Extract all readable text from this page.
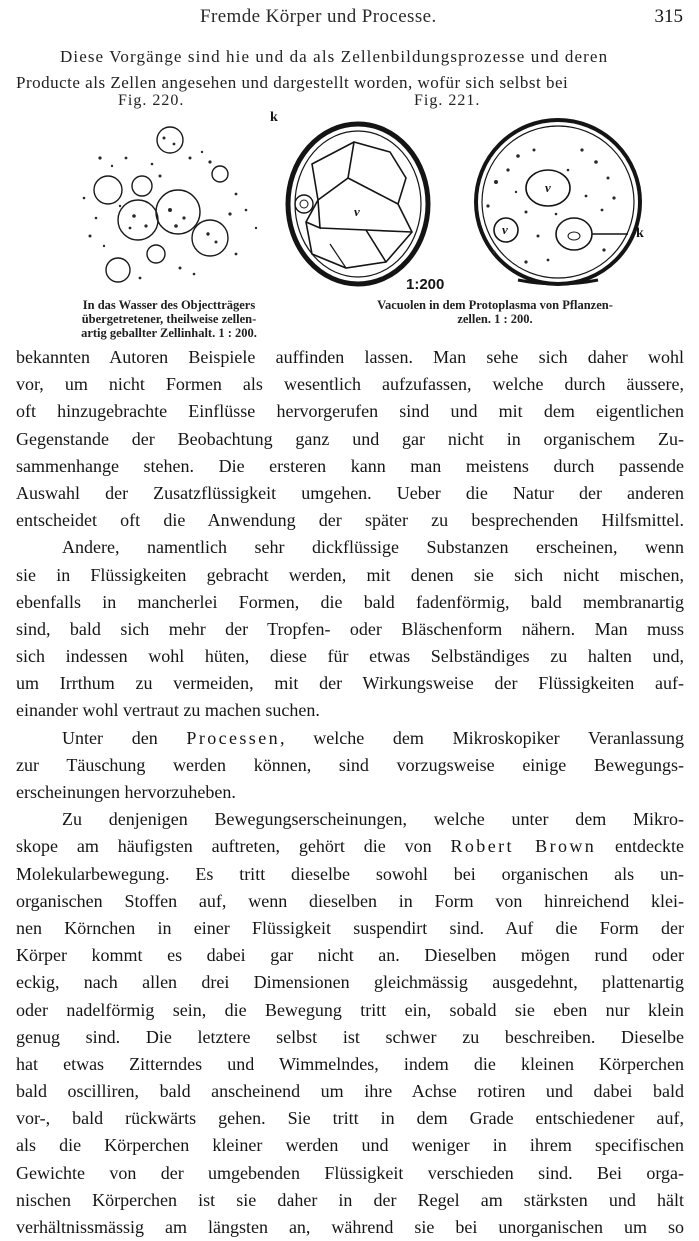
Fremde Körper und Processe.	315
Diese Vorgänge sind hie und da als Zellenbildungsprozesse und deren
Producte als Zellen angesehen und dargestellt worden, wofür sich selbst bei
Fig. 220.
In das Wasser des Objectträgers
übergetretener, theilweise zellen-
artig geballter Zellinhalt. 1 : 200.
Fig. 221.
k
v
v
v	k
1:200
Vacuolen in dem Protoplasma von Pflanzen-
zellen. 1 : 200.
bekannten Autoren Beispiele auffinden lassen. Man sehe sich daher wohl
vor, um nicht Formen als wesentlich aufzufassen, welche durch äussere,
oft hinzugebrachte Einflüsse hervorgerufen sind und mit dem eigentlichen
Gegenstande der Beobachtung ganz und gar nicht in organischem Zu-
sammenhange stehen. Die ersteren kann man meistens durch passende
Auswahl der Zusatzflüssigkeit umgehen. Ueber die Natur der anderen
entscheidet oft die Anwendung der später zu besprechenden Hilfsmittel.
Andere, namentlich sehr dickflüssige Substanzen erscheinen, wenn
sie in Flüssigkeiten gebracht werden, mit denen sie sich nicht mischen,
ebenfalls in mancherlei Formen, die bald fadenförmig, bald membranartig
sind, bald sich mehr der Tropfen- oder Bläschenform nähern. Man muss
sich indessen wohl hüten, diese für etwas Selbständiges zu halten und,
um Irrthum zu vermeiden, mit der Wirkungsweise der Flüssigkeiten auf-
einander wohl vertraut zu machen suchen.
Unter den Processen, welche dem Mikroskopiker Veranlassung
zur Täuschung werden können, sind vorzugsweise einige Bewegungs-
erscheinungen hervorzuheben.
Zu denjenigen Bewegungserscheinungen, welche unter dem Mikro-
skope am häufigsten auftreten, gehört die von Robert Brown entdeckte
Molekularbewegung. Es tritt dieselbe sowohl bei organischen als un-
organischen Stoffen auf, wenn dieselben in Form von hinreichend klei-
nen Körnchen in einer Flüssigkeit suspendirt sind. Auf die Form der
Körper kommt es dabei gar nicht an. Dieselben mögen rund oder
eckig, nach allen drei Dimensionen gleichmässig ausgedehnt, plattenartig
oder nadelförmig sein, die Bewegung tritt ein, sobald sie eben nur klein
genug sind. Die letztere selbst ist schwer zu beschreiben. Dieselbe
hat etwas Zitterndes und Wimmelndes, indem die kleinen Körperchen
bald oscilliren, bald anscheinend um ihre Achse rotiren und dabei bald
vor-, bald rückwärts gehen. Sie tritt in dem Grade entschiedener auf,
als die Körperchen kleiner werden und weniger in ihrem specifischen
Gewichte von der umgebenden Flüssigkeit verschieden sind. Bei orga-
nischen Körperchen ist sie daher in der Regel am stärksten und hält
verhältnissmässig am längsten an, während sie bei unorganischen um so
